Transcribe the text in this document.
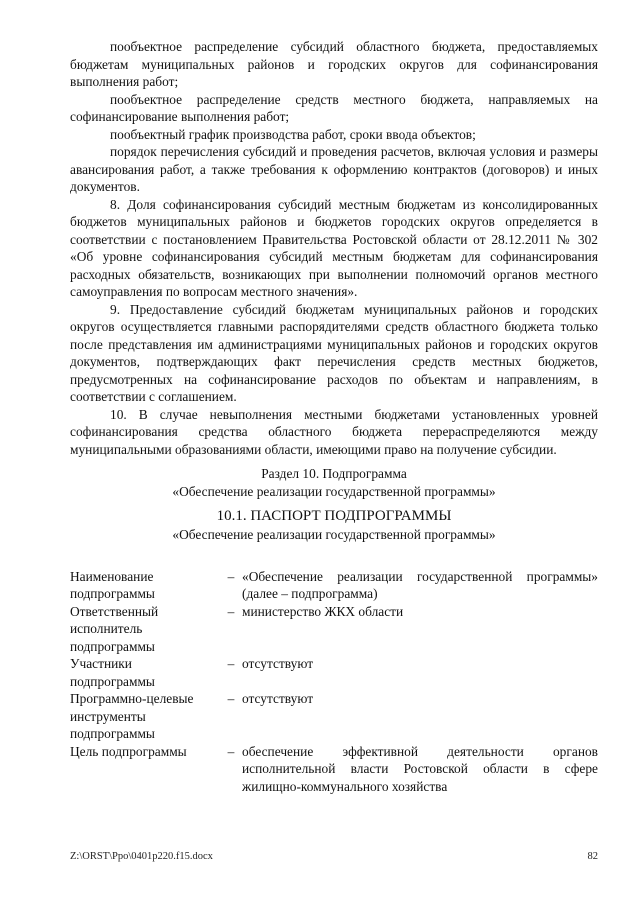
пообъектное распределение субсидий областного бюджета, предоставляемых бюджетам муниципальных районов и городских округов для софинансирования выполнения работ;

пообъектное распределение средств местного бюджета, направляемых на софинансирование выполнения работ;

пообъектный график производства работ, сроки ввода объектов;

порядок перечисления субсидий и проведения расчетов, включая условия и размеры авансирования работ, а также требования к оформлению контрактов (договоров) и иных документов.

8. Доля софинансирования субсидий местным бюджетам из консолидированных бюджетов муниципальных районов и бюджетов городских округов определяется в соответствии с постановлением Правительства Ростовской области от 28.12.2011 № 302 «Об уровне софинансирования субсидий местным бюджетам для софинансирования расходных обязательств, возникающих при выполнении полномочий органов местного самоуправления по вопросам местного значения».

9. Предоставление субсидий бюджетам муниципальных районов и городских округов осуществляется главными распорядителями средств областного бюджета только после представления им администрациями муниципальных районов и городских округов документов, подтверждающих факт перечисления средств местных бюджетов, предусмотренных на софинансирование расходов по объектам и направлениям, в соответствии с соглашением.

10. В случае невыполнения местными бюджетами установленных уровней софинансирования средства областного бюджета перераспределяются между муниципальными образованиями области, имеющими право на получение субсидии.

Раздел 10. Подпрограмма

«Обеспечение реализации государственной программы»

10.1. ПАСПОРТ ПОДПРОГРАММЫ

«Обеспечение реализации государственной программы»

Наименование подпрограммы	–	«Обеспечение реализации государственной программы» (далее – подпрограмма)
Ответственный исполнитель подпрограммы	–	министерство ЖКХ области
Участники подпрограммы	–	отсутствуют
Программно-целевые инструменты подпрограммы	–	отсутствуют
Цель подпрограммы	–	обеспечение эффективной деятельности органов исполнительной власти Ростовской области в сфере жилищно-коммунального хозяйства
Z:\ORST\Ppo\0401p220.f15.docx	82
